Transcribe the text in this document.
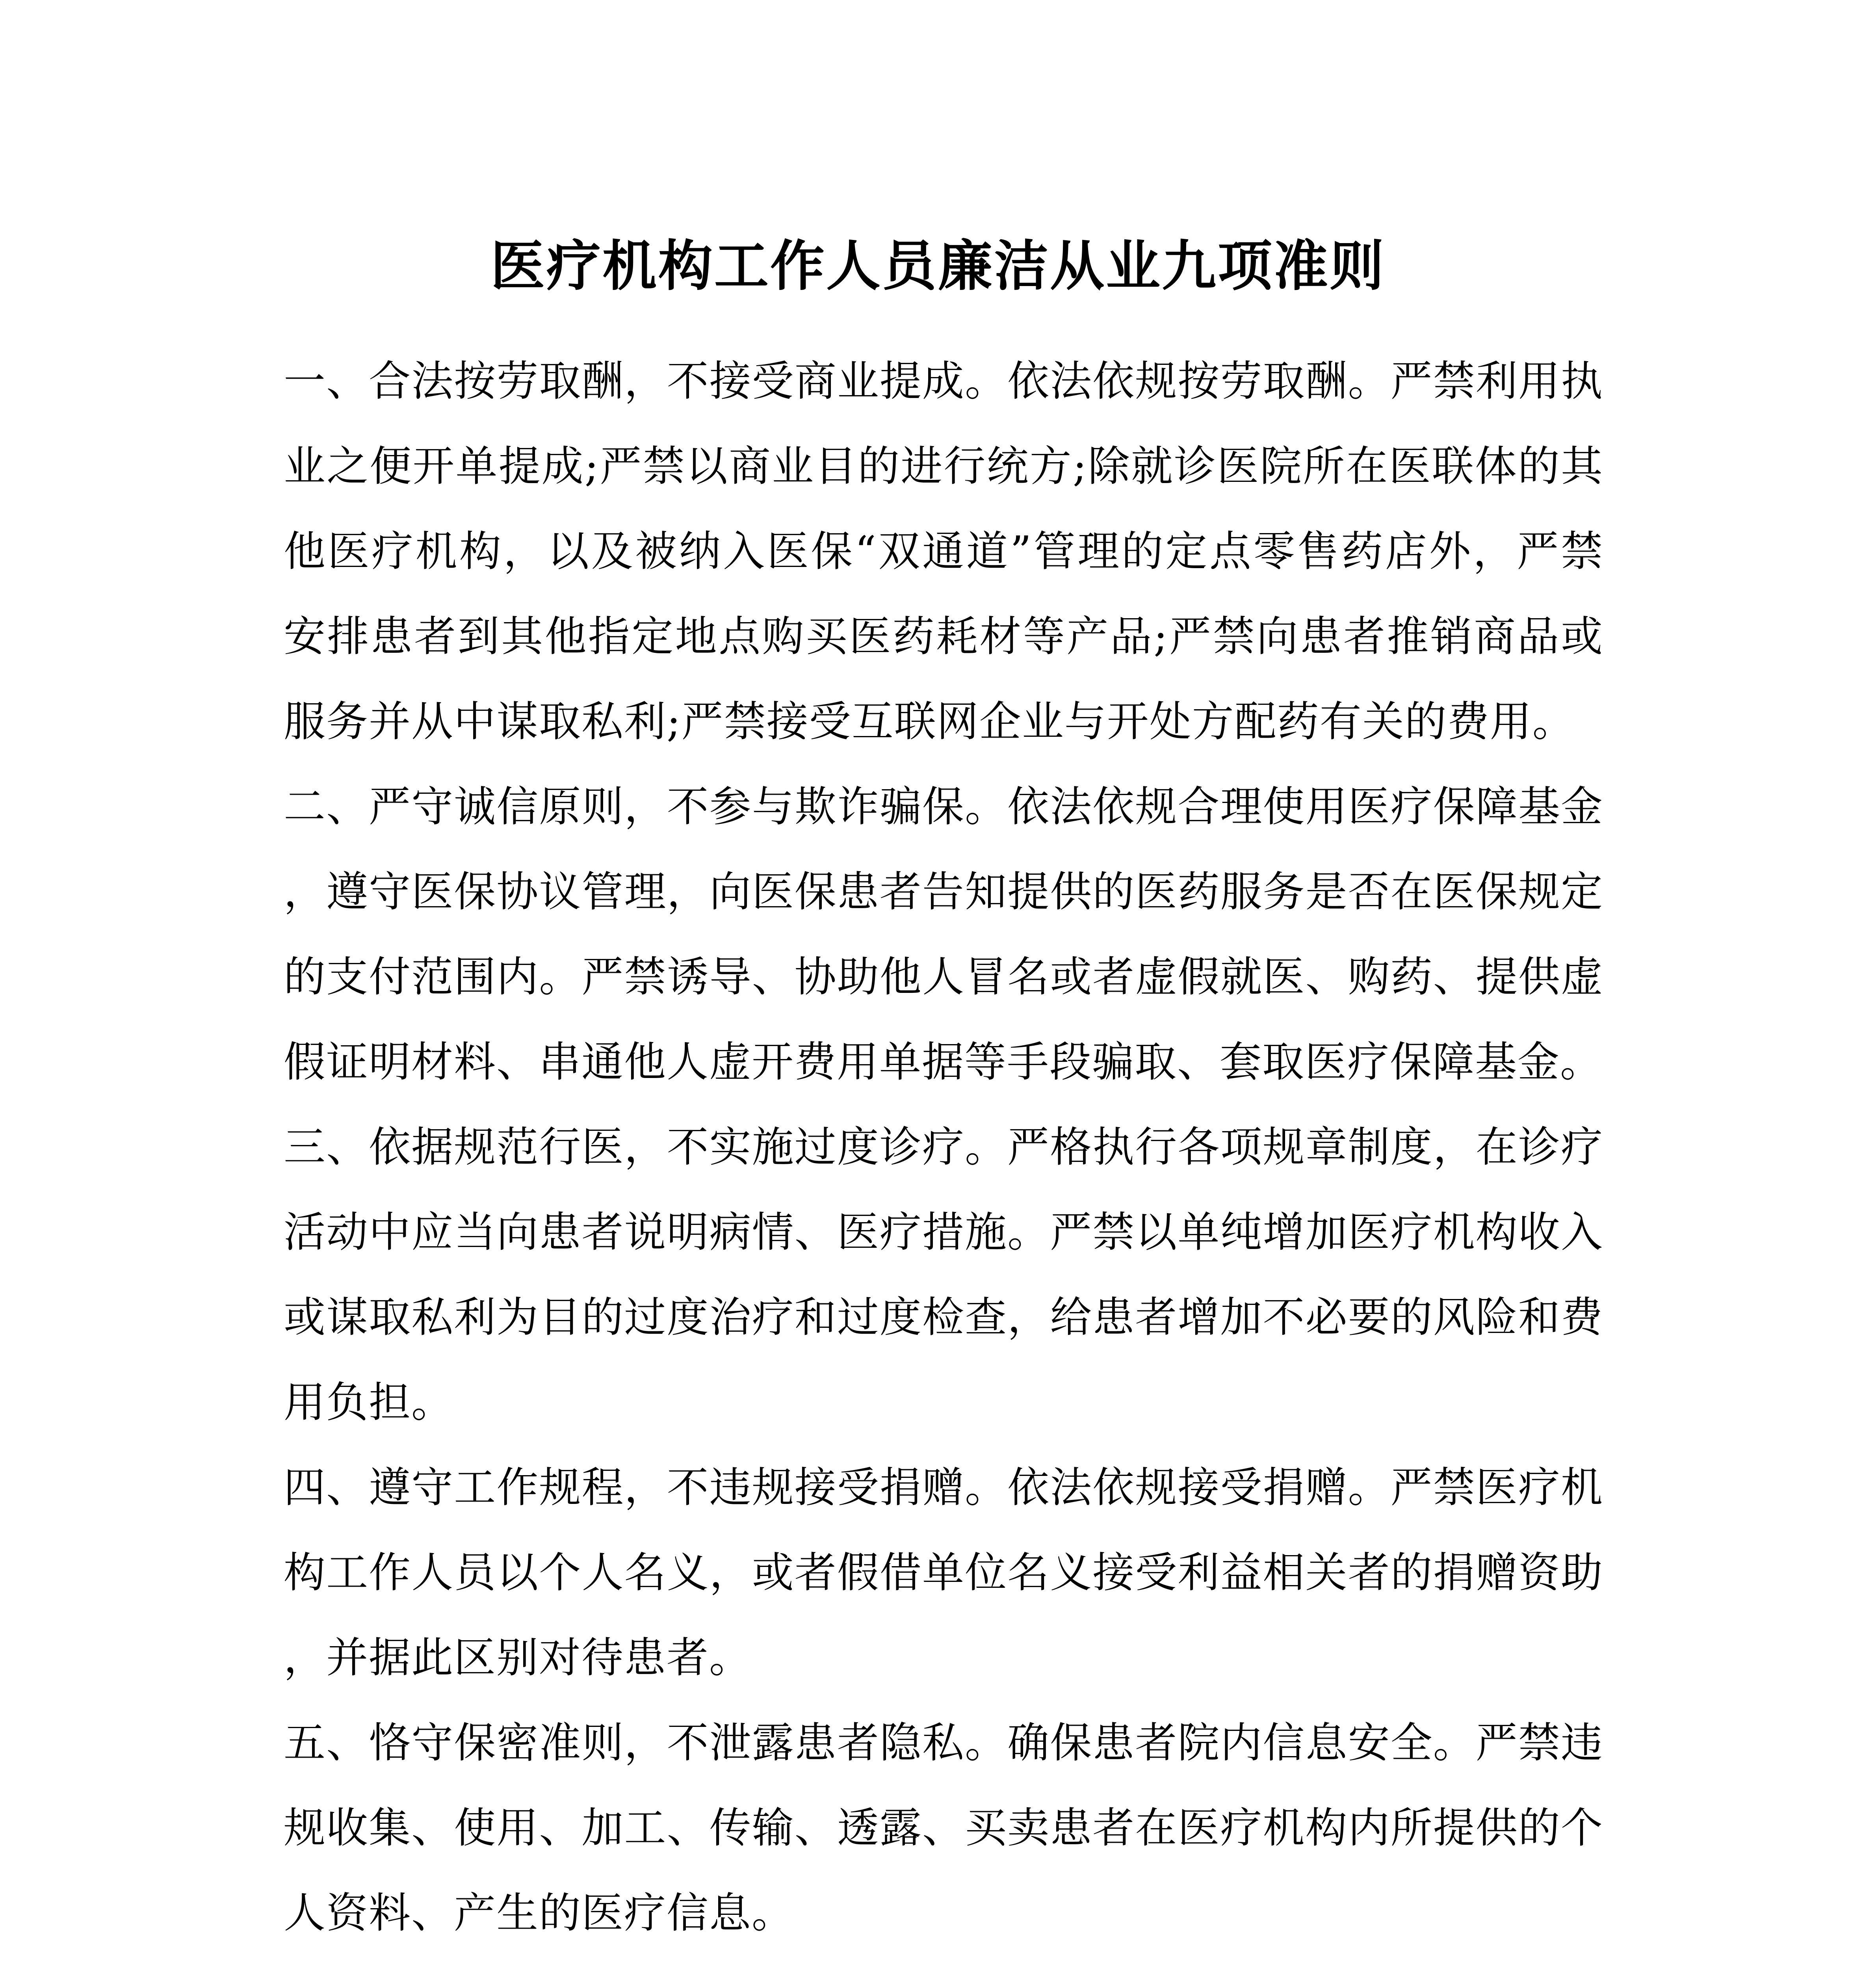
医疗机构工作人员廉洁从业九项准则

一、合法按劳取酬，不接受商业提成。依法依规按劳取酬。严禁利用执业之便开单提成;严禁以商业目的进行统方;除就诊医院所在医联体的其他医疗机构，以及被纳入医保“双通道”管理的定点零售药店外，严禁安排患者到其他指定地点购买医药耗材等产品;严禁向患者推销商品或服务并从中谋取私利;严禁接受互联网企业与开处方配药有关的费用。

二、严守诚信原则，不参与欺诈骗保。依法依规合理使用医疗保障基金，遵守医保协议管理，向医保患者告知提供的医药服务是否在医保规定的支付范围内。严禁诱导、协助他人冒名或者虚假就医、购药、提供虚假证明材料、串通他人虚开费用单据等手段骗取、套取医疗保障基金。

三、依据规范行医，不实施过度诊疗。严格执行各项规章制度，在诊疗活动中应当向患者说明病情、医疗措施。严禁以单纯增加医疗机构收入或谋取私利为目的过度治疗和过度检查，给患者增加不必要的风险和费用负担。

四、遵守工作规程，不违规接受捐赠。依法依规接受捐赠。严禁医疗机构工作人员以个人名义，或者假借单位名义接受利益相关者的捐赠资助，并据此区别对待患者。

五、恪守保密准则，不泄露患者隐私。确保患者院内信息安全。严禁违规收集、使用、加工、传输、透露、买卖患者在医疗机构内所提供的个人资料、产生的医疗信息。
